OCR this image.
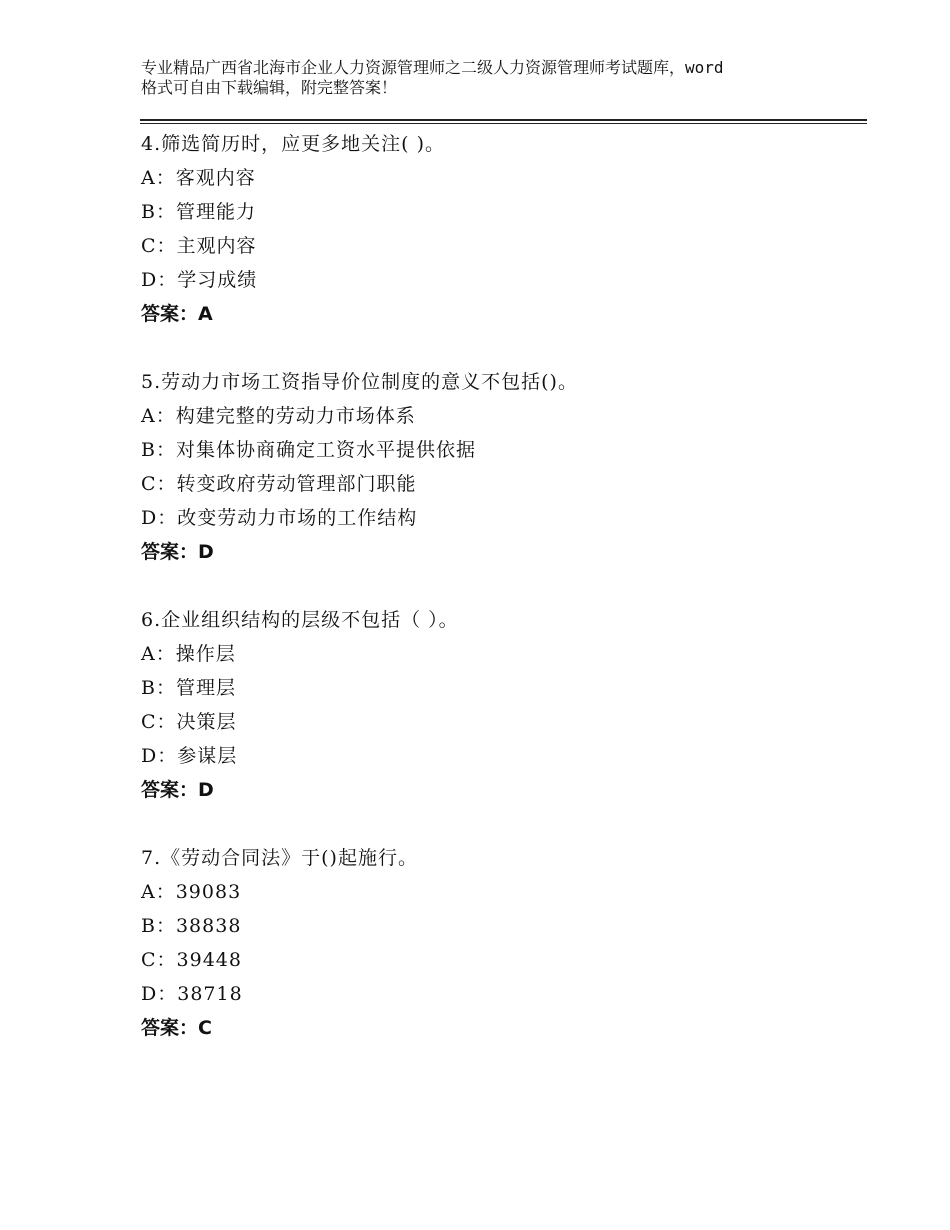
专业精品广西省北海市企业人力资源管理师之二级人力资源管理师考试题库，word
格式可自由下载编辑，附完整答案！
4.筛选简历时，应更多地关注( )。
A：客观内容
B：管理能力
C：主观内容
D：学习成绩
答案：A
5.劳动力市场工资指导价位制度的意义不包括()。
A：构建完整的劳动力市场体系
B：对集体协商确定工资水平提供依据
C：转变政府劳动管理部门职能
D：改变劳动力市场的工作结构
答案：D
6.企业组织结构的层级不包括（ ）。
A：操作层
B：管理层
C：决策层
D：参谋层
答案：D
7.《劳动合同法》于()起施行。
A：39083
B：38838
C：39448
D：38718
答案：C
